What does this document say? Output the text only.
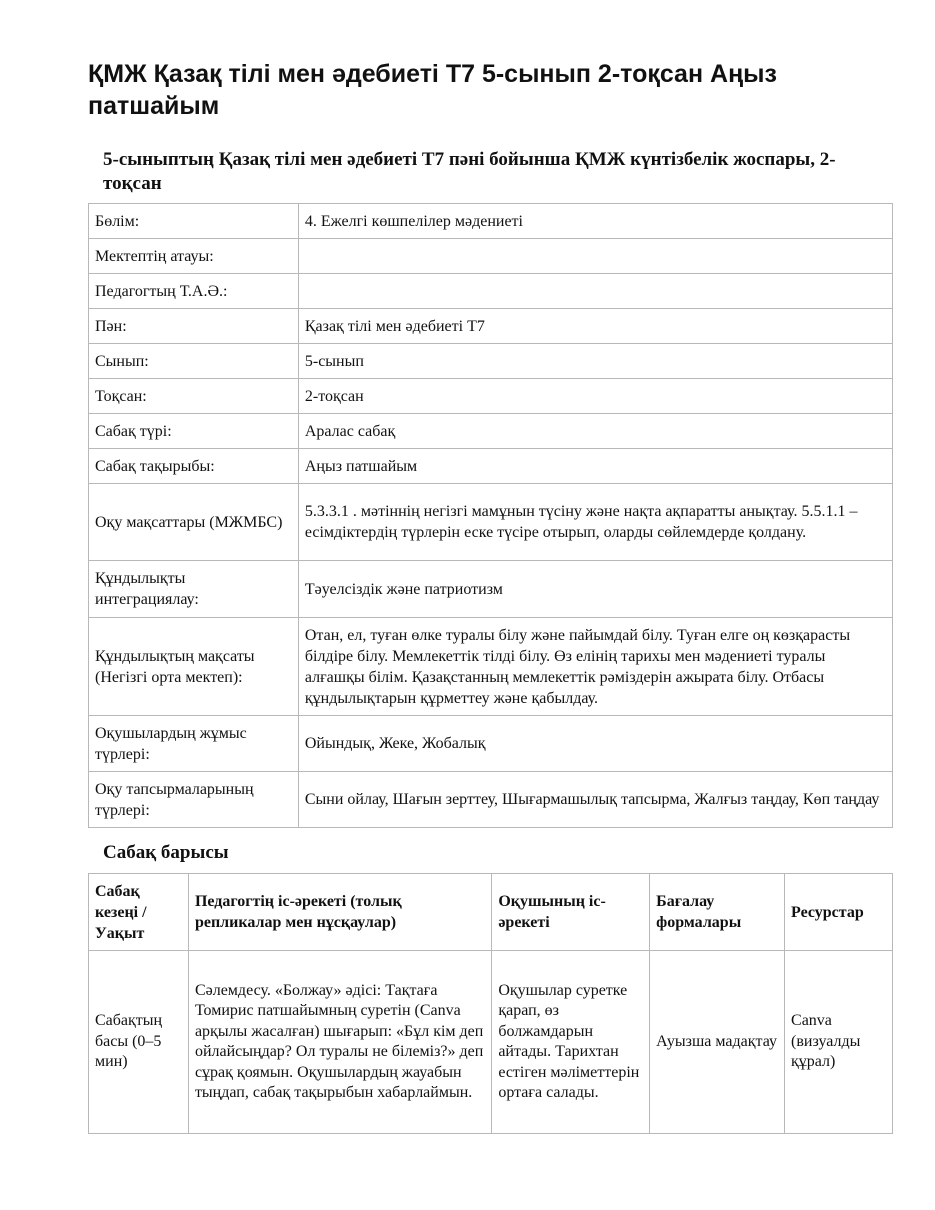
ҚМЖ Қазақ тілі мен әдебиеті Т7 5-сынып 2-тоқсан Аңыз патшайым
5-сыныптың Қазақ тілі мен әдебиеті Т7 пәні бойынша ҚМЖ күнтізбелік жоспары, 2-тоқсан
Бөлім:	4. Ежелгі көшпелілер мәдениеті
Мектептің атауы:	
Педагогтың Т.А.Ә.:	
Пән:	Қазақ тілі мен әдебиеті Т7
Сынып:	5-сынып
Тоқсан:	2-тоқсан
Сабақ түрі:	Аралас сабақ
Сабақ тақырыбы:	Аңыз патшайым
Оқу мақсаттары (МЖМБС)	5.3.3.1 . мәтіннің негізгі мамұнын түсіну және нақта ақпаратты анықтау. 5.5.1.1 – есімдіктердің түрлерін еске түсіре отырып, оларды сөйлемдерде қолдану.
Құндылықты интеграциялау:	Тәуелсіздік және патриотизм
Құндылықтың мақсаты (Негізгі орта мектеп):	Отан, ел, туған өлке туралы білу және пайымдай білу. Туған елге оң көзқарасты білдіре білу. Мемлекеттік тілді білу. Өз елінің тарихы мен мәдениеті туралы алғашқы білім. Қазақстанның мемлекеттік рәміздерін ажырата білу. Отбасы құндылықтарын құрметтеу және қабылдау.
Оқушылардың жұмыс түрлері:	Ойындық, Жеке, Жобалық
Оқу тапсырмаларының түрлері:	Сыни ойлау, Шағын зерттеу, Шығармашылық тапсырма, Жалғыз таңдау, Көп таңдау
Сабақ барысы
Сабақ кезеңі / Уақыт	Педагогтің іс-әрекеті (толық репликалар мен нұсқаулар)	Оқушының іс-әрекеті	Бағалау формалары	Ресурстар
Сабақтың басы (0–5 мин)	Сәлемдесу. «Болжау» әдісі: Тақтаға Томирис патшайымның суретін (Canva арқылы жасалған) шығарып: «Бұл кім деп ойлайсыңдар? Ол туралы не білеміз?» деп сұрақ қоямын. Оқушылардың жауабын тыңдап, сабақ тақырыбын хабарлаймын.	Оқушылар суретке қарап, өз болжамдарын айтады. Тарихтан естіген мәліметтерін ортаға салады.	Ауызша мадақтау	Canva (визуалды құрал)
